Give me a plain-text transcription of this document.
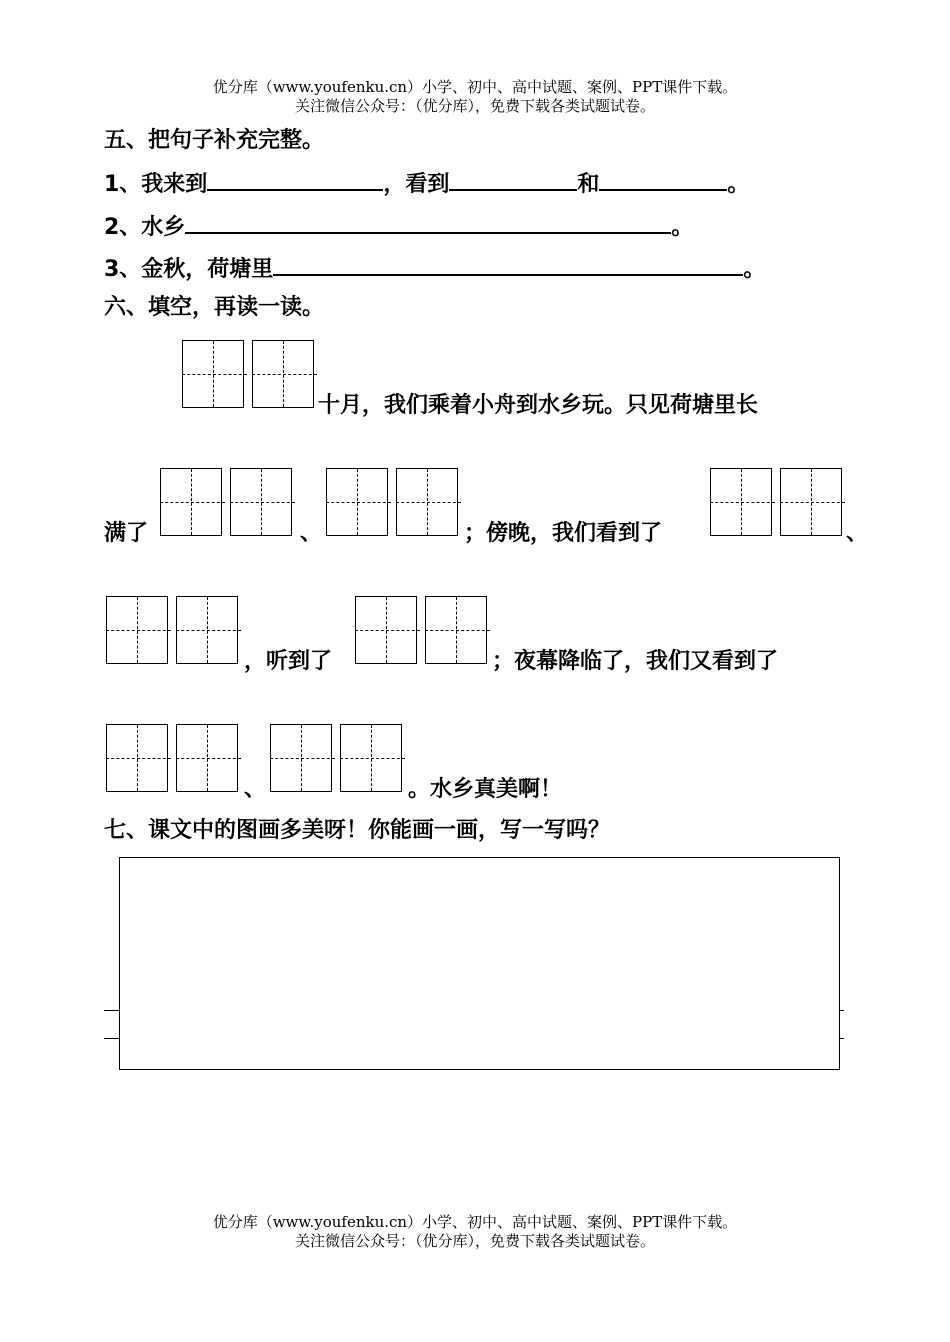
优分库（www.youfenku.cn）小学、初中、高中试题、案例、PPT课件下载。
关注微信公众号：（优分库），免费下载各类试题试卷。
五、把句子补充完整。
1、我来到	，看到	和	。
2、水乡	。
3、金秋，荷塘里	。
六、填空，再读一读。
十月，我们乘着小舟到水乡玩。只见荷塘里长
满了	、	；傍晚，我们看到了	、
，听到了	；夜幕降临了，我们又看到了
、	。水乡真美啊！
七、课文中的图画多美呀！你能画一画，写一写吗？
优分库（www.youfenku.cn）小学、初中、高中试题、案例、PPT课件下载。
关注微信公众号：（优分库），免费下载各类试题试卷。
